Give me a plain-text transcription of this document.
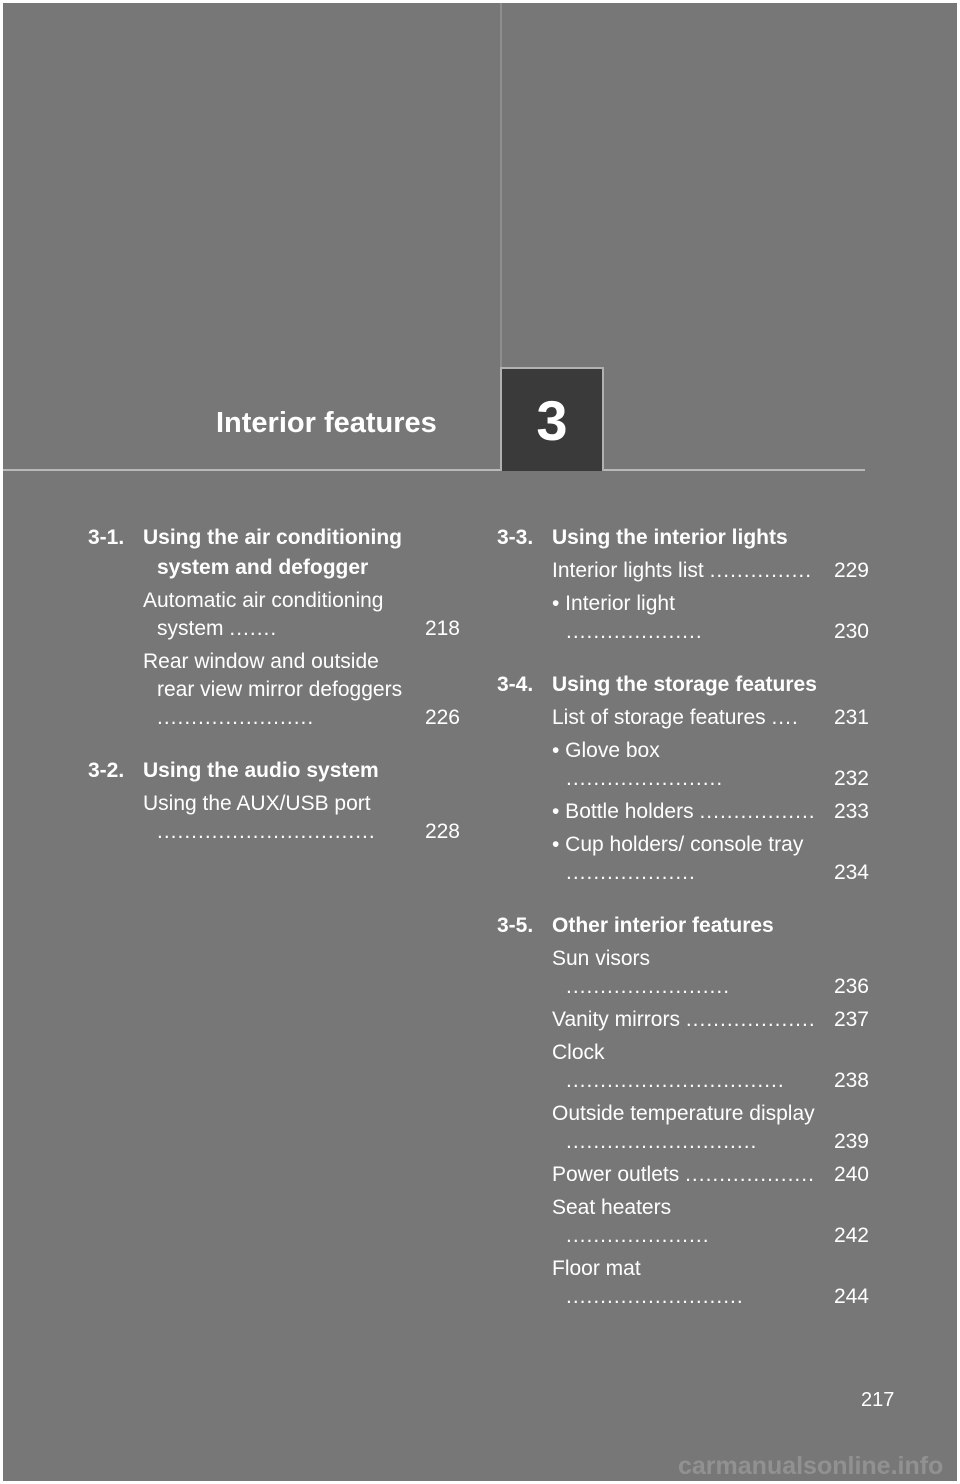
Interior features 3
3-1. Using the air conditioning system and defogger
Automatic air conditioning system .......	218
Rear window and outside rear view mirror defoggers .......................	226
3-2. Using the audio system
Using the AUX/USB port ................................	228
3-3. Using the interior lights
Interior lights list ...............	229
• Interior light ....................	230
3-4. Using the storage features
List of storage features ....	231
• Glove box .......................	232
• Bottle holders ................. 233
• Cup holders/ console tray ...................	234
3-5. Other interior features
Sun visors ........................	236
Vanity mirrors ................... 237
Clock ................................	238
Outside temperature display ............................	239
Power outlets ................... 240
Seat heaters .....................	242
Floor mat ..........................	244
217
carmanualsonline.info
